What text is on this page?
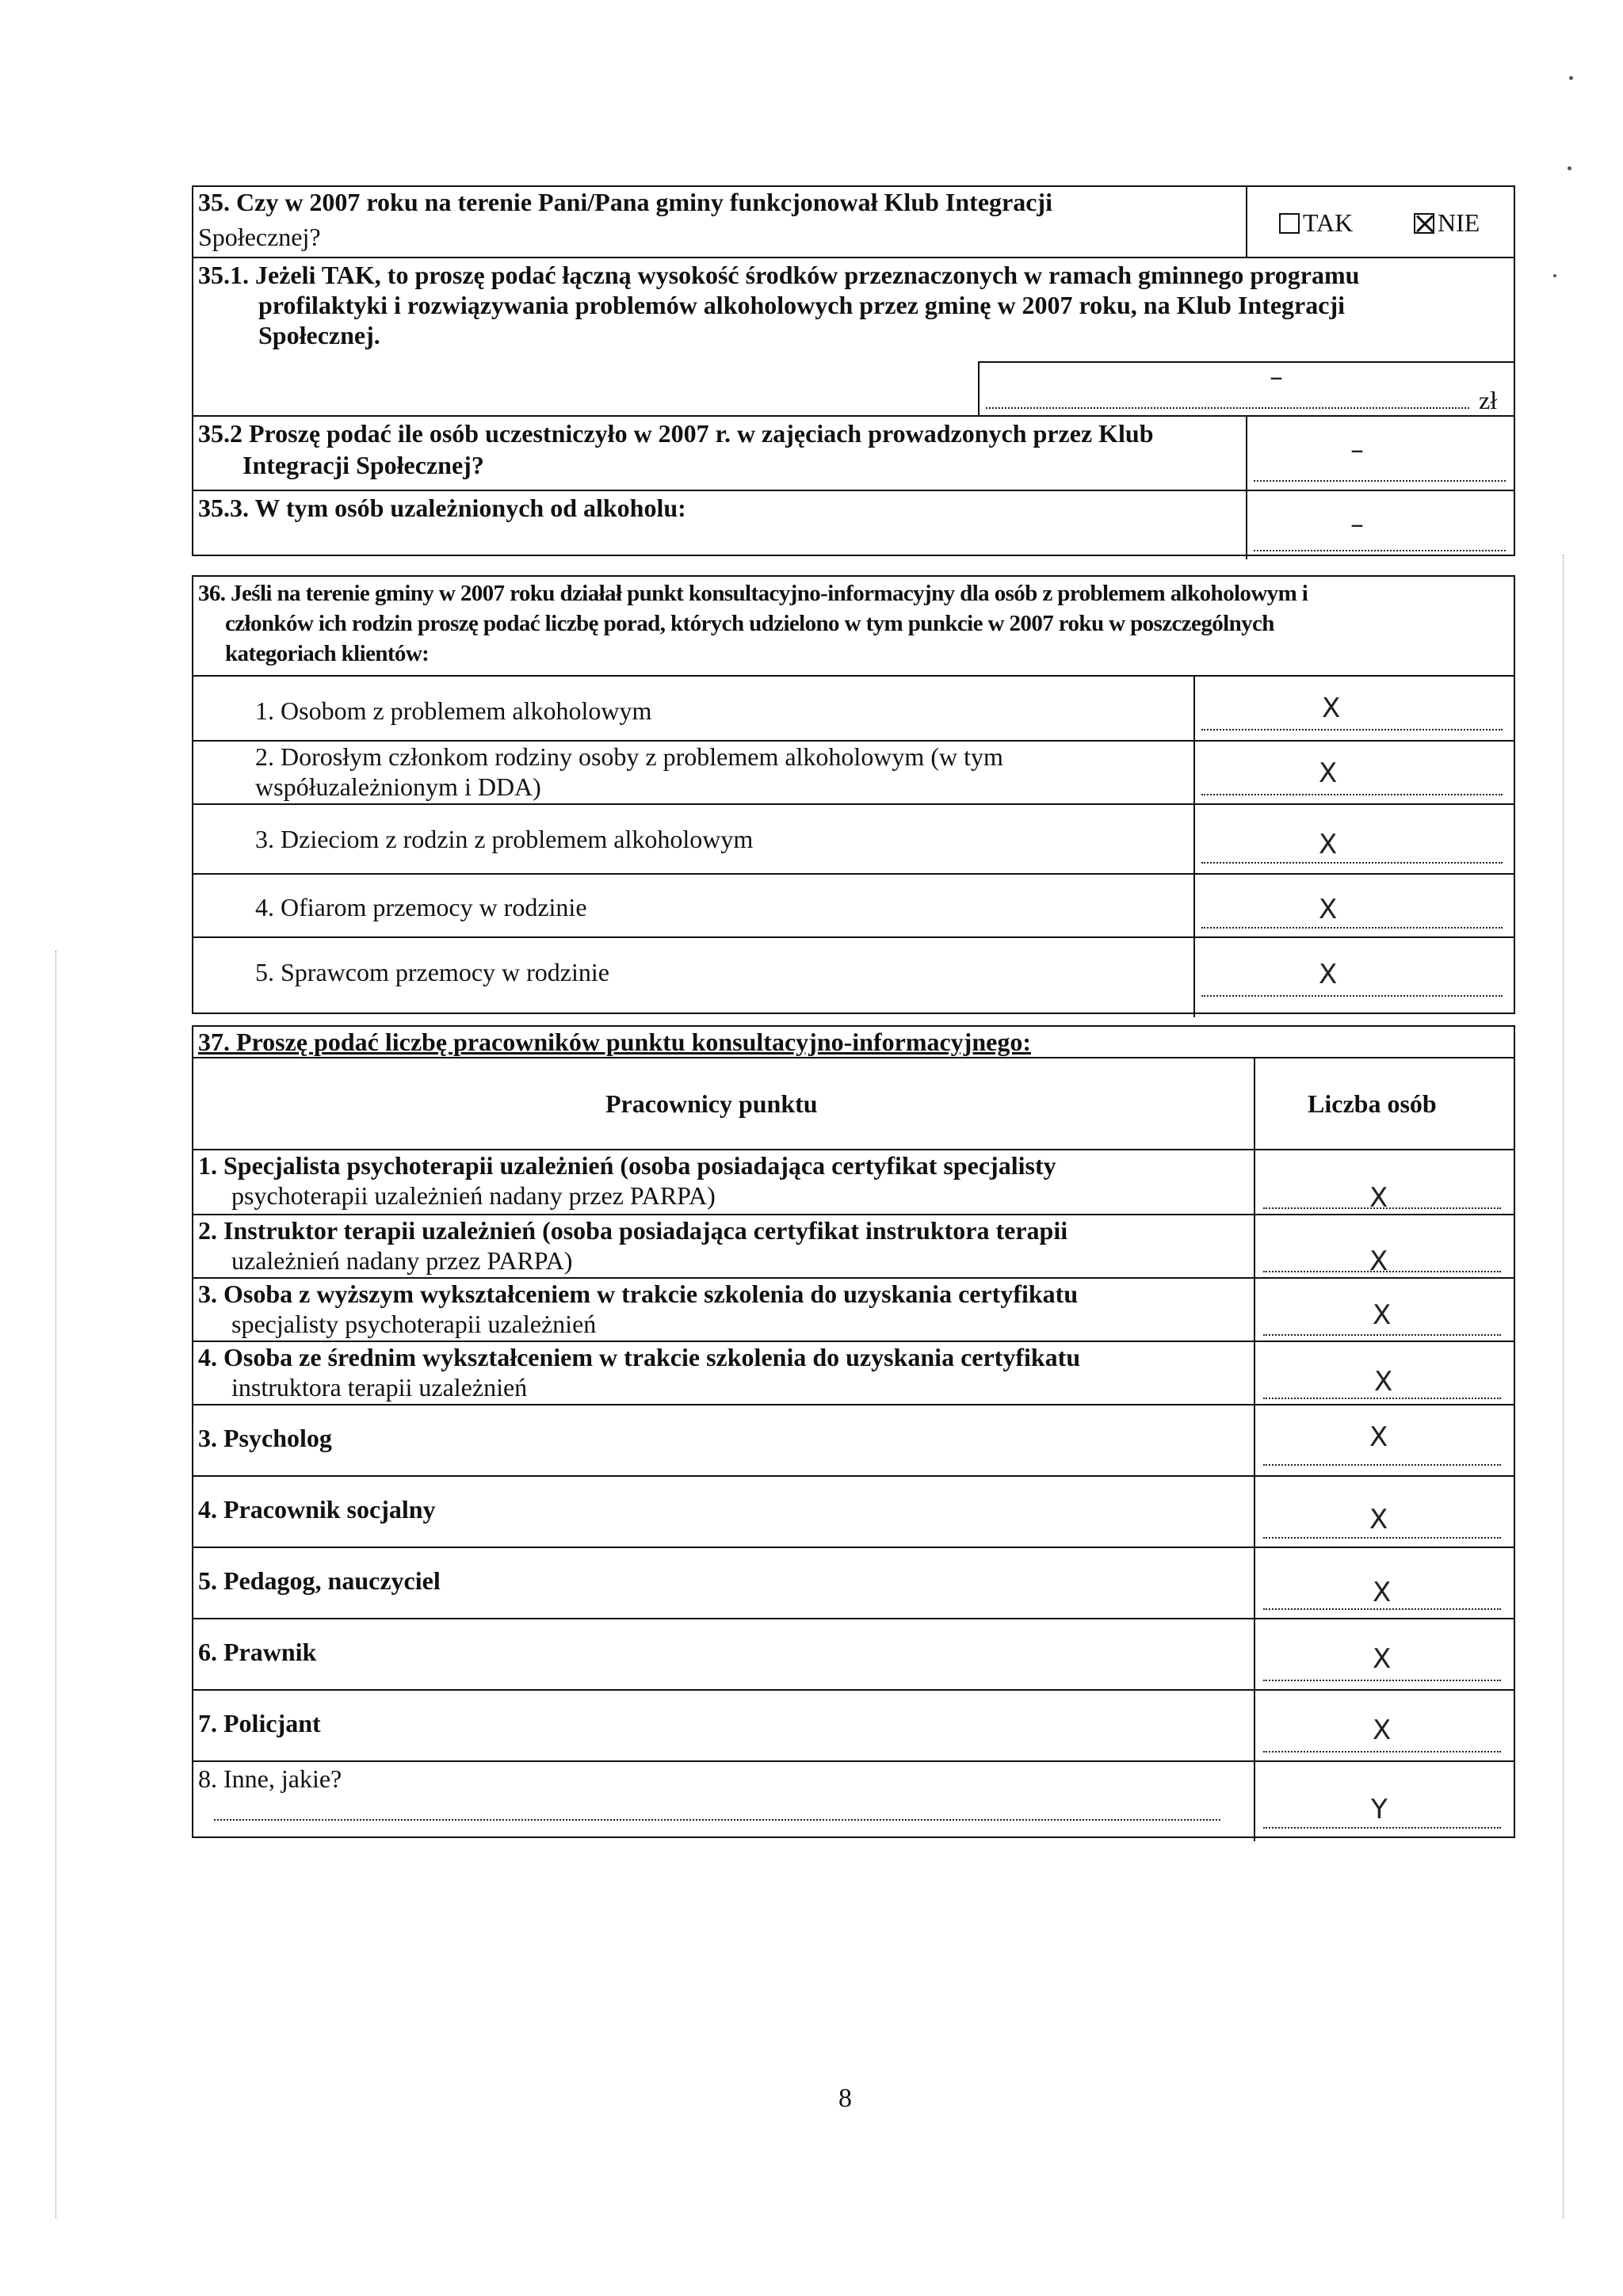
35. Czy w 2007 roku na terenie Pani/Pana gminy funkcjonował Klub Integracji
Społecznej?	TAK	NIE
35.1. Jeżeli TAK, to proszę podać łączną wysokość środków przeznaczonych w ramach gminnego programu
profilaktyki i rozwiązywania problemów alkoholowych przez gminę w 2007 roku, na Klub Integracji
Społecznej.
–
zł
35.2 Proszę podać ile osób uczestniczyło w 2007 r. w zajęciach prowadzonych przez Klub
Integracji Społecznej?	–
35.3. W tym osób uzależnionych od alkoholu:
–
36. Jeśli na terenie gminy w 2007 roku działał punkt konsultacyjno-informacyjny dla osób z problemem alkoholowym i
członków ich rodzin proszę podać liczbę porad, których udzielono w tym punkcie w 2007 roku w poszczególnych
kategoriach klientów:
1. Osobom z problemem alkoholowym	X
2. Dorosłym członkom rodziny osoby z problemem alkoholowym (w tym
współuzależnionym i DDA)	X
3. Dzieciom z rodzin z problemem alkoholowym	X
4. Ofiarom przemocy w rodzinie	X
5. Sprawcom przemocy w rodzinie	X
37. Proszę podać liczbę pracowników punktu konsultacyjno-informacyjnego:
Pracownicy punktu	Liczba osób
1. Specjalista psychoterapii uzależnień (osoba posiadająca certyfikat specjalisty
psychoterapii uzależnień nadany przez PARPA)	X
2. Instruktor terapii uzależnień (osoba posiadająca certyfikat instruktora terapii
uzależnień nadany przez PARPA)	X
3. Osoba z wyższym wykształceniem w trakcie szkolenia do uzyskania certyfikatu
specjalisty psychoterapii uzależnień	X
4. Osoba ze średnim wykształceniem w trakcie szkolenia do uzyskania certyfikatu
instruktora terapii uzależnień	X
3. Psycholog	X
4. Pracownik socjalny	X
5. Pedagog, nauczyciel	X
6. Prawnik	X
7. Policjant	X
8. Inne, jakie?
Y
8
